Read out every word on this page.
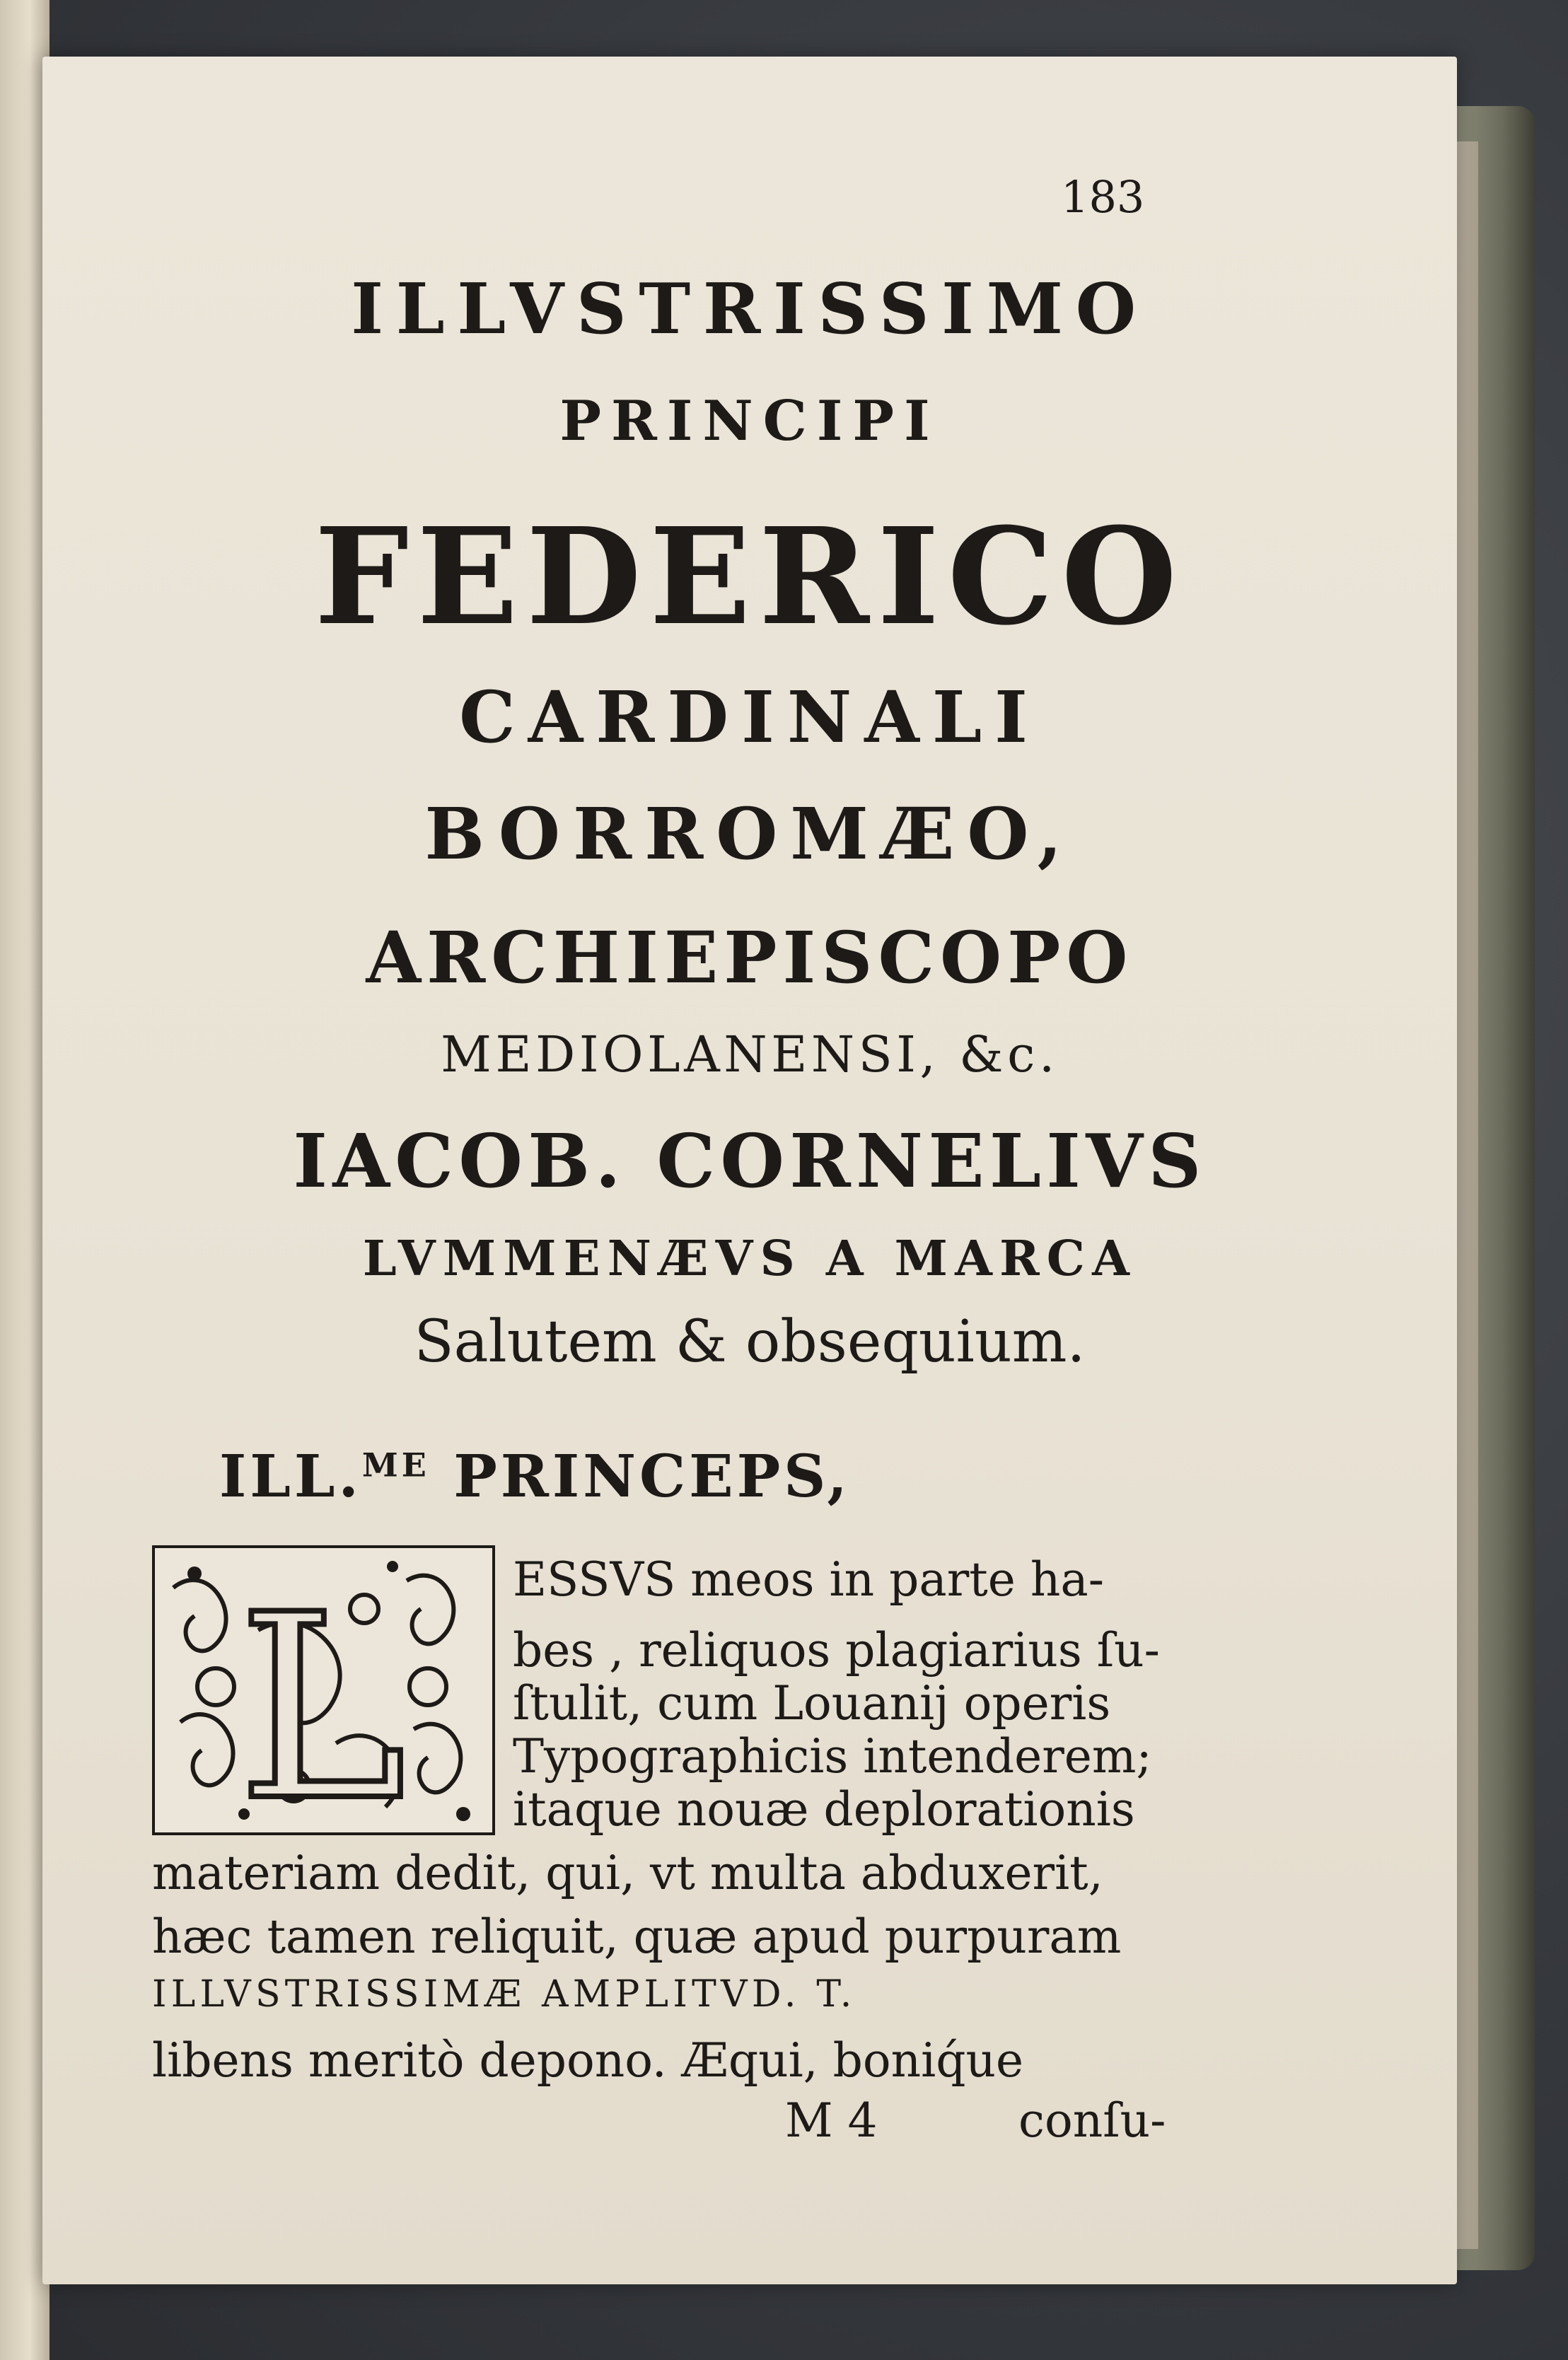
183
ILLVSTRISSIMO
PRINCIPI
FEDERICO
CARDINALI
BORROMÆO,
ARCHIEPISCOPO
MEDIOLANENSI, &c.
IACOB. CORNELIVS
LVMMENÆVS A MARCA
Salutem & obsequium.
ILL.$^{ME}$ PRINCEPS,
L ESSVS meos in parte ha-
bes , reliquos plagiarius ſu-
ſtulit, cum Louanij operis
Typographicis intenderem;
itaque nouæ deplorationis
materiam dedit, qui, vt multa abduxerit,
hæc tamen reliquit, quæ apud purpuram
ILLVSTRISSIMÆ AMPLITVD. T.
libens meritò depono. Æqui, boniq́ue
M 4	conſu-
